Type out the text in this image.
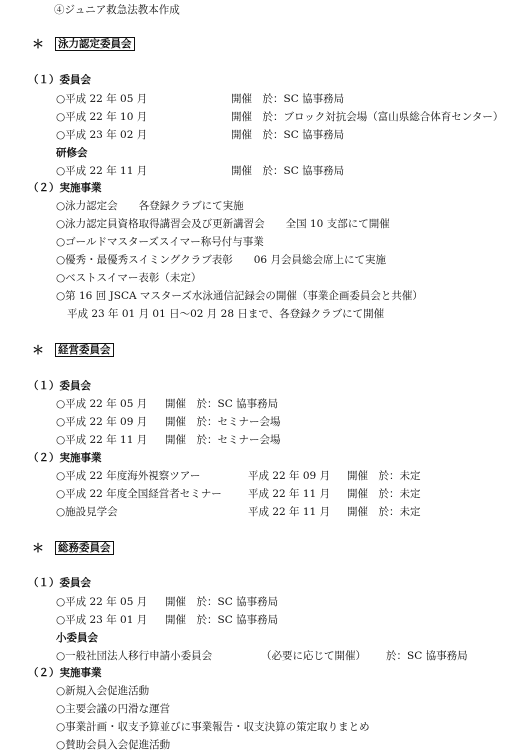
④ジュニア救急法教本作成
＊ 泳力認定委員会
（１）委員会
○平成 22 年 05 月	開催　於：SC 協事務局
○平成 22 年 10 月	開催　於：ブロック対抗会場（富山県総合体育センター）
○平成 23 年 02 月	開催　於：SC 協事務局
研修会
○平成 22 年 11 月	開催　於：SC 協事務局
（２）実施事業
○泳力認定会　　各登録クラブにて実施
○泳力認定員資格取得講習会及び更新講習会　　全国 10 支部にて開催
○ゴールドマスターズスイマー称号付与事業
○優秀・最優秀スイミングクラブ表彰　　06 月会員総会席上にて実施
○ベストスイマー表彰（未定）
○第 16 回 JSCA マスターズ水泳通信記録会の開催（事業企画委員会と共催）
平成 23 年 01 月 01 日～02 月 28 日まで、各登録クラブにて開催
＊ 経営委員会
（１）委員会
○平成 22 年 05 月 開催　於：SC 協事務局
○平成 22 年 09 月 開催　於：セミナー会場
○平成 22 年 11 月 開催　於：セミナー会場
（２）実施事業
○平成 22 年度海外視察ツアー	平成 22 年 09 月 開催　於：未定
○平成 22 年度全国経営者セミナー	平成 22 年 11 月 開催　於：未定
○施設見学会	平成 22 年 11 月 開催　於：未定
＊ 総務委員会
（１）委員会
○平成 22 年 05 月 開催　於：SC 協事務局
○平成 23 年 01 月 開催　於：SC 協事務局
小委員会
○一般社団法人移行申請小委員会	（必要に応じて開催） 於：SC 協事務局
（２）実施事業
○新規入会促進活動
○主要会議の円滑な運営
○事業計画・収支予算並びに事業報告・収支決算の策定取りまとめ
○賛助会員入会促進活動
